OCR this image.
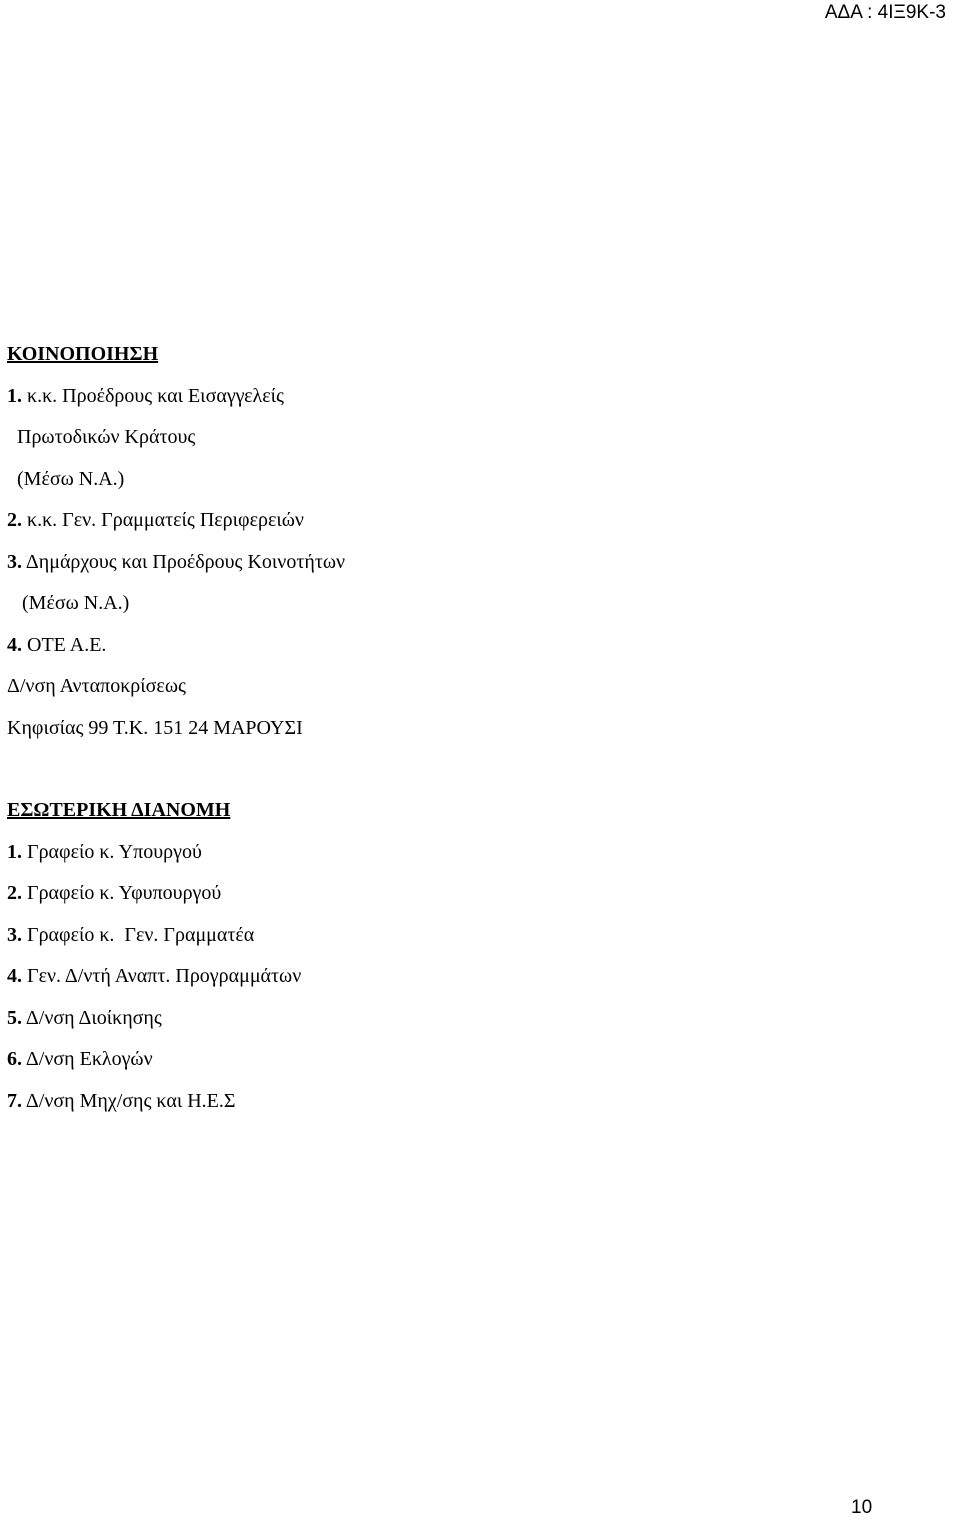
ΑΔΑ : 4ΙΞ9Κ-3
ΚΟΙΝΟΠΟΙΗΣΗ
1. κ.κ. Προέδρους και Εισαγγελείς
Πρωτοδικών Κράτους
(Μέσω Ν.Α.)
2. κ.κ. Γεν. Γραμματείς Περιφερειών
3. Δημάρχους και Προέδρους Κοινοτήτων
(Μέσω Ν.Α.)
4. ΟΤΕ Α.Ε.
Δ/νση Ανταποκρίσεως
Κηφισίας 99 Τ.Κ. 151 24 ΜΑΡΟΥΣΙ
ΕΣΩΤΕΡΙΚΗ ΔΙΑΝΟΜΗ
1. Γραφείο κ. Υπουργού
2. Γραφείο κ. Υφυπουργού
3. Γραφείο κ.  Γεν. Γραμματέα
4. Γεν. Δ/ντή Αναπτ. Προγραμμάτων
5. Δ/νση Διοίκησης
6. Δ/νση Εκλογών
7. Δ/νση Μηχ/σης και Η.Ε.Σ
10
